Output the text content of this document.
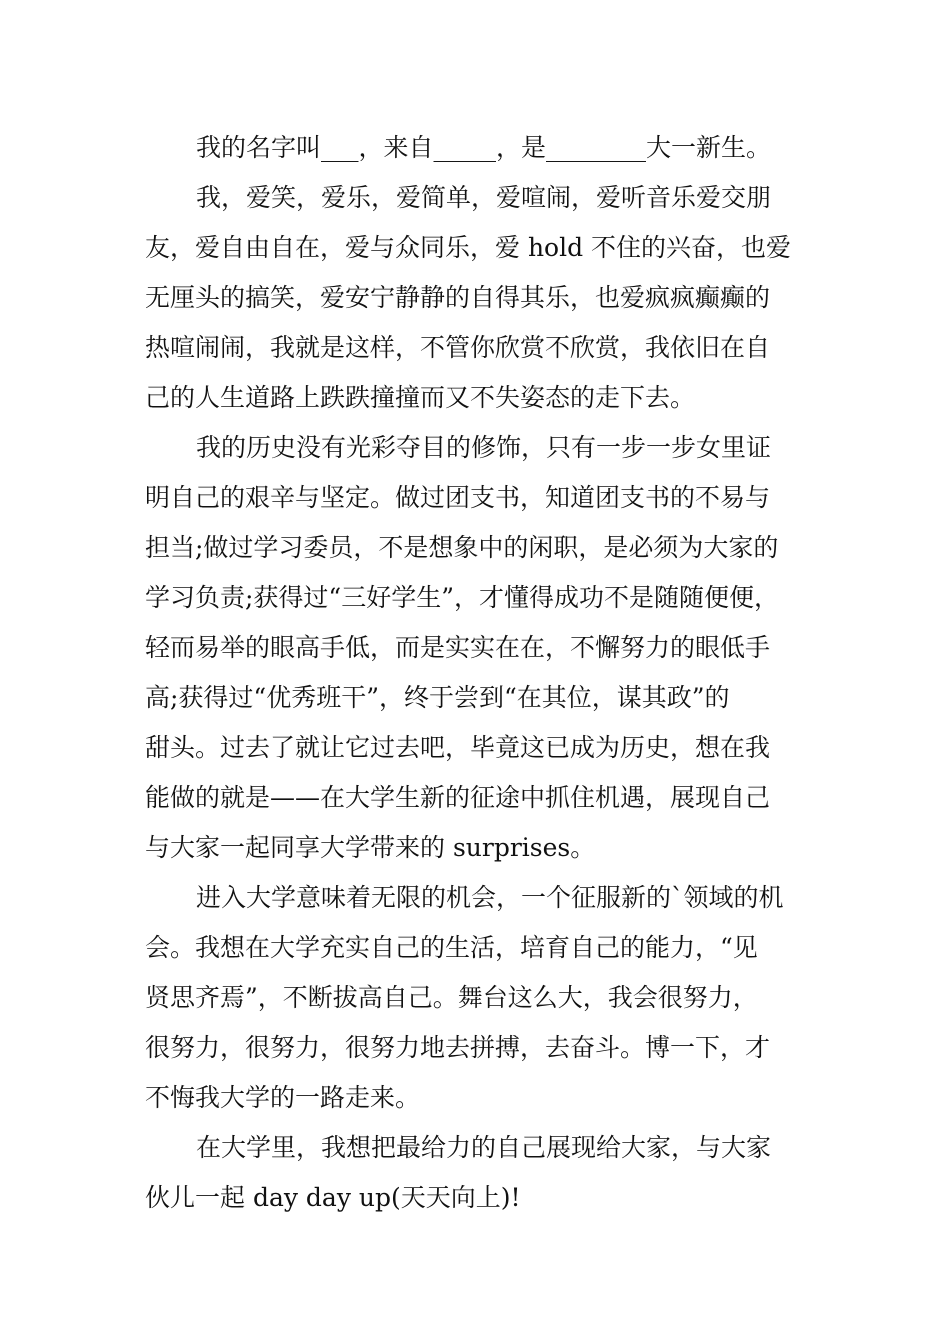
我的名字叫___，来自_____，是________大一新生。
我，爱笑，爱乐，爱简单，爱喧闹，爱听音乐爱交朋
友，爱自由自在，爱与众同乐，爱 hold 不住的兴奋，也爱
无厘头的搞笑，爱安宁静静的自得其乐，也爱疯疯癫癫的
热喧闹闹，我就是这样，不管你欣赏不欣赏，我依旧在自
己的人生道路上跌跌撞撞而又不失姿态的走下去。
我的历史没有光彩夺目的修饰，只有一步一步女里证
明自己的艰辛与坚定。做过团支书，知道团支书的不易与
担当;做过学习委员，不是想象中的闲职，是必须为大家的
学习负责;获得过“三好学生”，才懂得成功不是随随便便，
轻而易举的眼高手低，而是实实在在，不懈努力的眼低手
高;获得过“优秀班干”，终于尝到“在其位，谋其政”的
甜头。过去了就让它过去吧，毕竟这已成为历史，想在我
能做的就是——在大学生新的征途中抓住机遇，展现自己
与大家一起同享大学带来的 surprises。
进入大学意味着无限的机会，一个征服新的`领域的机
会。我想在大学充实自己的生活，培育自己的能力，“见
贤思齐焉”，不断拔高自己。舞台这么大，我会很努力，
很努力，很努力，很努力地去拼搏，去奋斗。博一下，才
不悔我大学的一路走来。
在大学里，我想把最给力的自己展现给大家，与大家
伙儿一起 day day up(天天向上)!
